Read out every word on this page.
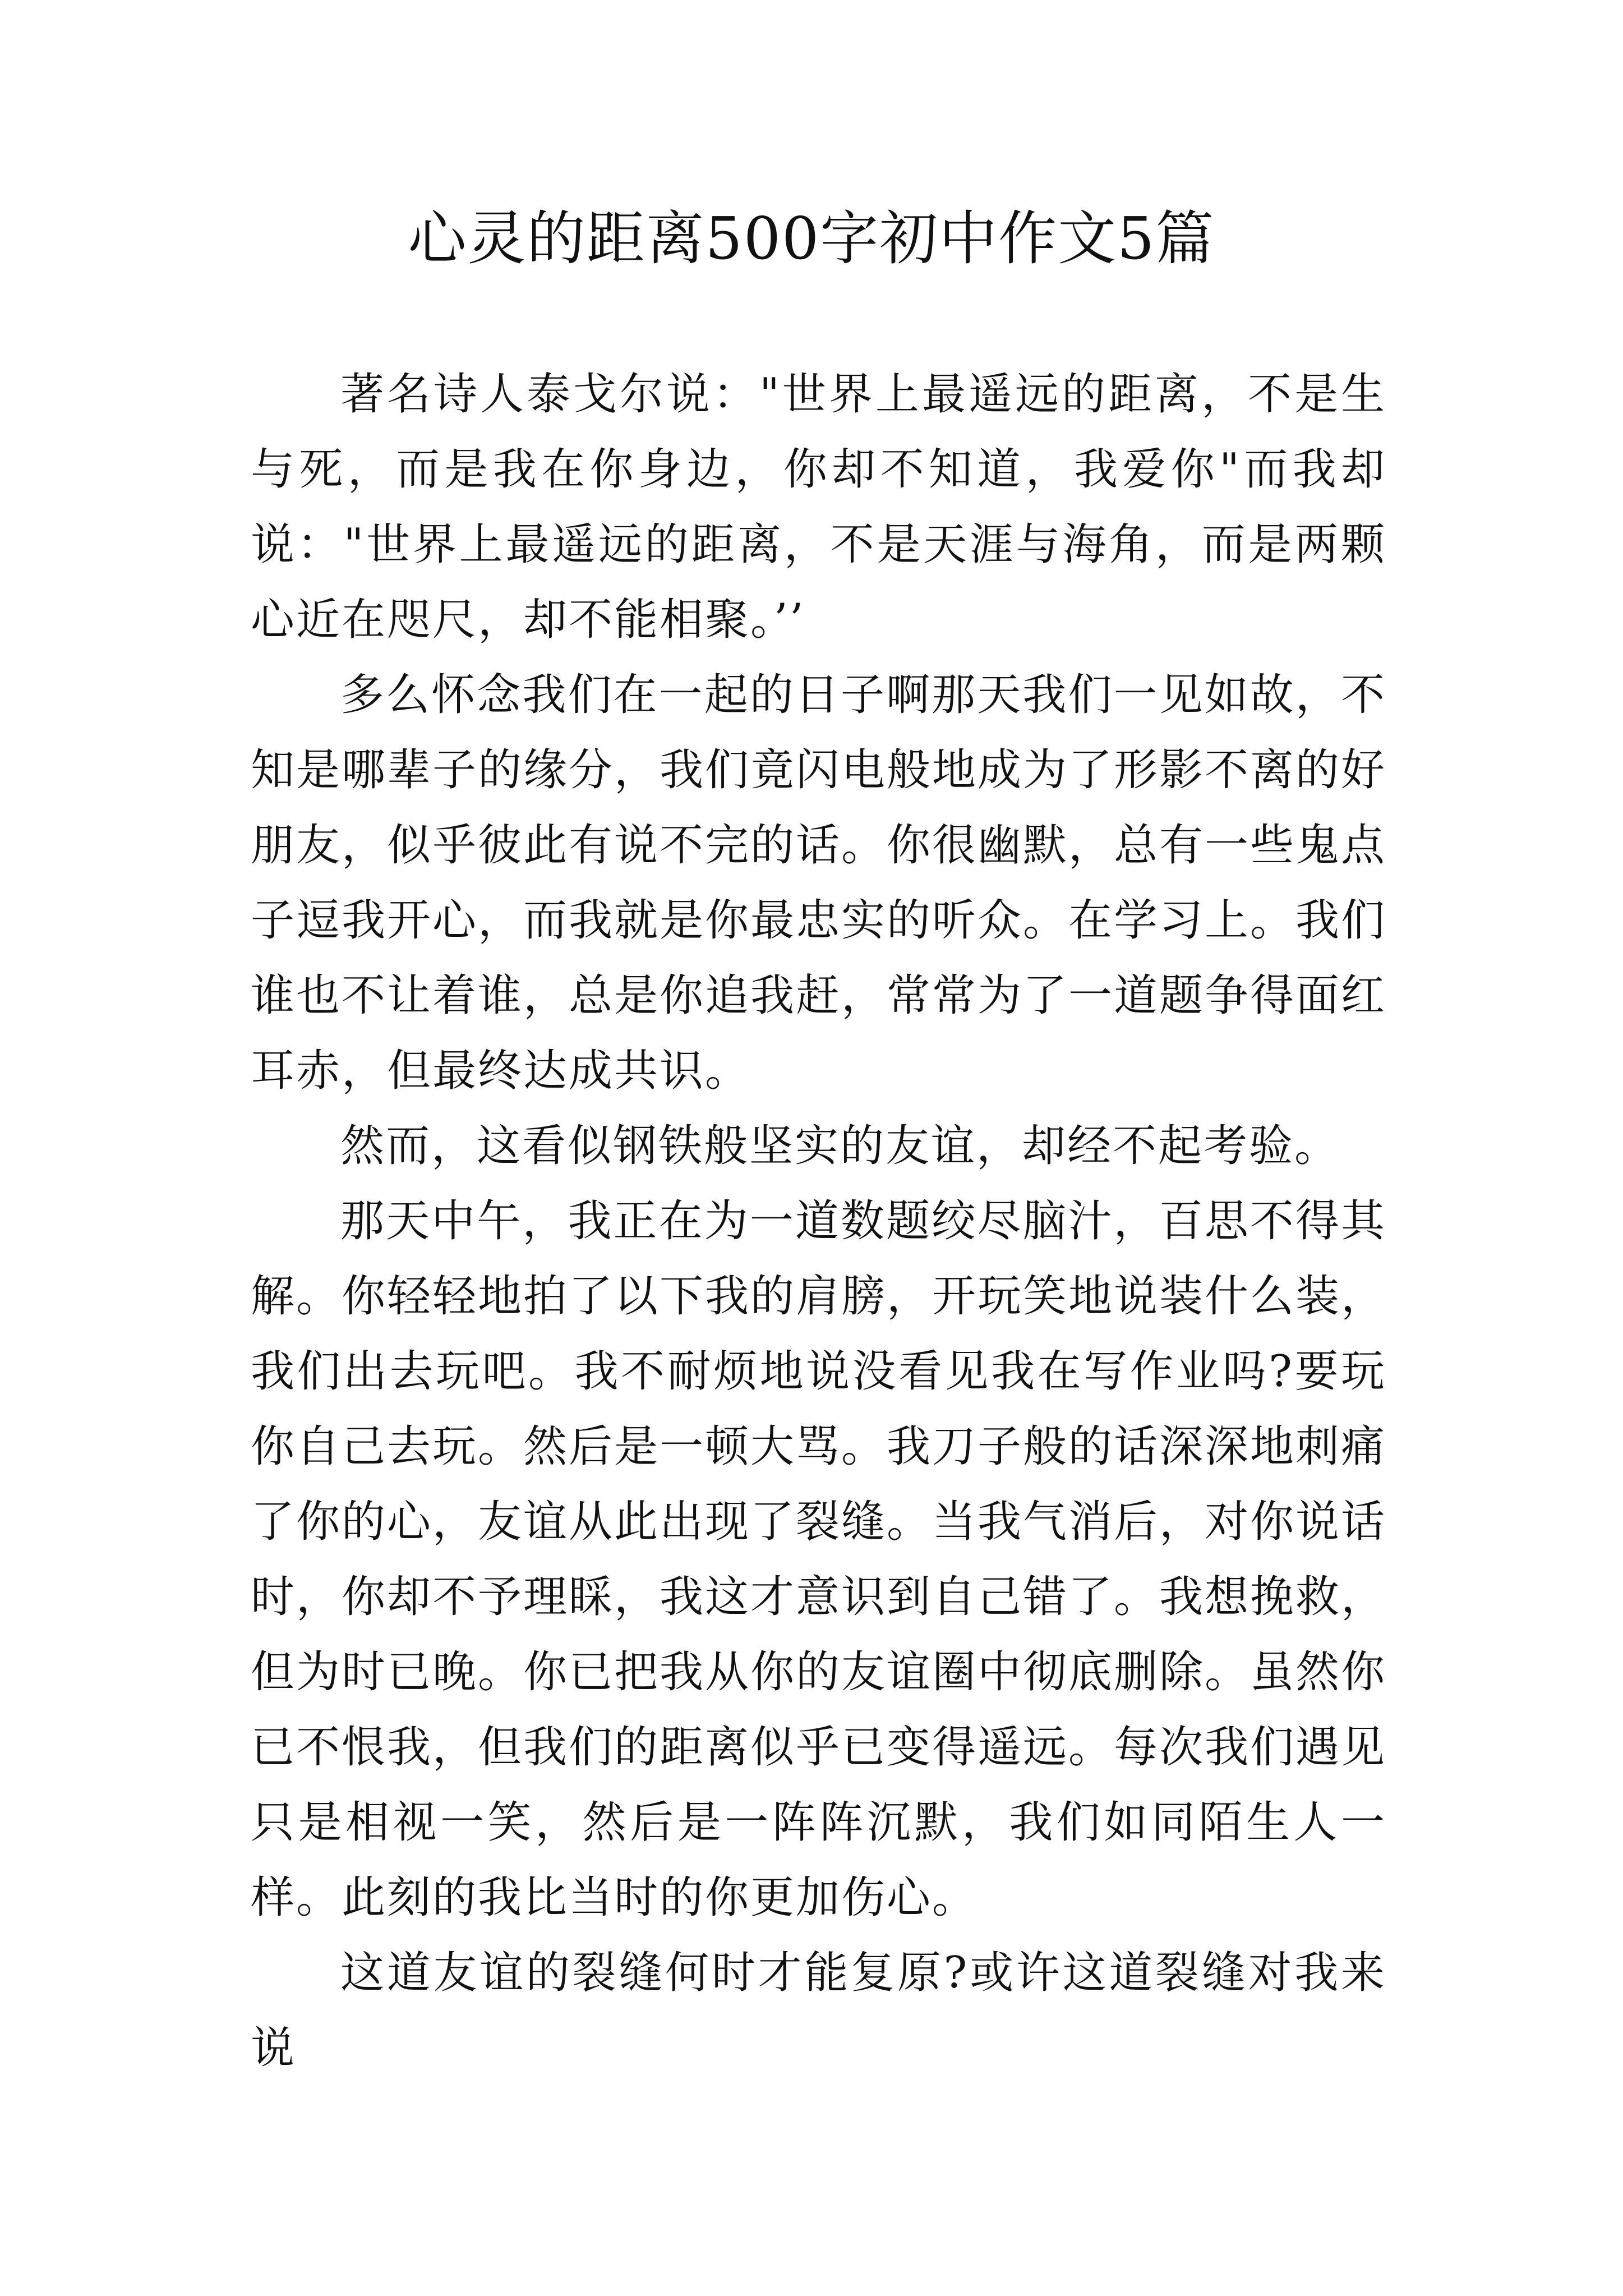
心灵的距离500字初中作文5篇

著名诗人泰戈尔说："世界上最遥远的距离，不是生与死，而是我在你身边，你却不知道，我爱你"而我却说："世界上最遥远的距离，不是天涯与海角，而是两颗心近在咫尺，却不能相聚。’’

多么怀念我们在一起的日子啊那天我们一见如故，不知是哪辈子的缘分，我们竟闪电般地成为了形影不离的好朋友，似乎彼此有说不完的话。你很幽默，总有一些鬼点子逗我开心，而我就是你最忠实的听众。在学习上。我们谁也不让着谁，总是你追我赶，常常为了一道题争得面红耳赤，但最终达成共识。

然而，这看似钢铁般坚实的友谊，却经不起考验。

那天中午，我正在为一道数题绞尽脑汁，百思不得其解。你轻轻地拍了以下我的肩膀，开玩笑地说装什么装，我们出去玩吧。我不耐烦地说没看见我在写作业吗?要玩你自己去玩。然后是一顿大骂。我刀子般的话深深地刺痛了你的心，友谊从此出现了裂缝。当我气消后，对你说话时，你却不予理睬，我这才意识到自己错了。我想挽救，但为时已晚。你已把我从你的友谊圈中彻底删除。虽然你已不恨我，但我们的距离似乎已变得遥远。每次我们遇见只是相视一笑，然后是一阵阵沉默，我们如同陌生人一样。此刻的我比当时的你更加伤心。

这道友谊的裂缝何时才能复原?或许这道裂缝对我来说
